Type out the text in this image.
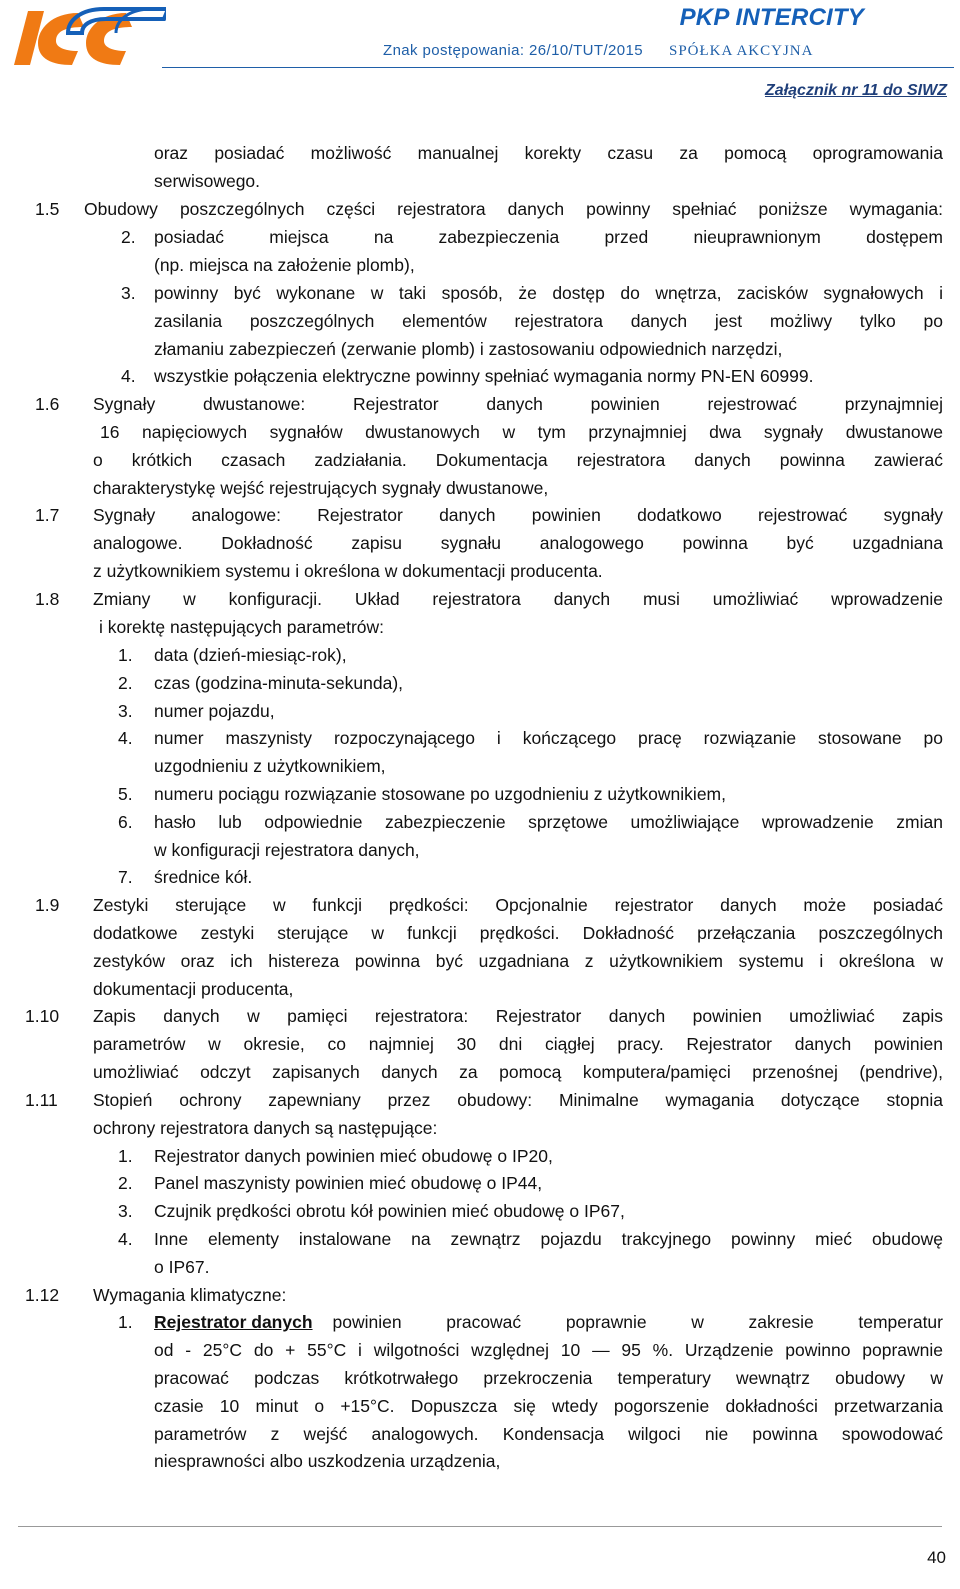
Znak postępowania: 26/10/TUT/2015
PKP INTERCITY
SPÓŁKA AKCYJNA
Załącznik nr 11 do SIWZ
oraz posiadać możliwość manualnej korekty czasu za pomocą oprogramowania
serwisowego.
1.5 Obudowy poszczególnych części rejestratora danych powinny spełniać poniższe wymagania:
2. posiadać miejsca na zabezpieczenia przed nieuprawnionym dostępem
(np. miejsca na założenie plomb),
3. powinny być wykonane w taki sposób, że dostęp do wnętrza, zacisków sygnałowych i
zasilania poszczególnych elementów rejestratora danych jest możliwy tylko po
złamaniu zabezpieczeń (zerwanie plomb) i zastosowaniu odpowiednich narzędzi,
4. wszystkie połączenia elektryczne powinny spełniać wymagania normy PN-EN 60999.
1.6 Sygnały dwustanowe: Rejestrator danych powinien rejestrować przynajmniej
16 napięciowych sygnałów dwustanowych w tym przynajmniej dwa sygnały dwustanowe
o krótkich czasach zadziałania. Dokumentacja rejestratora danych powinna zawierać
charakterystykę wejść rejestrujących sygnały dwustanowe,
1.7 Sygnały analogowe: Rejestrator danych powinien dodatkowo rejestrować sygnały
analogowe. Dokładność zapisu sygnału analogowego powinna być uzgadniana
z użytkownikiem systemu i określona w dokumentacji producenta.
1.8 Zmiany w konfiguracji. Układ rejestratora danych musi umożliwiać wprowadzenie
i korektę następujących parametrów:
1. data (dzień-miesiąc-rok),
2. czas (godzina-minuta-sekunda),
3. numer pojazdu,
4. numer maszynisty rozpoczynającego i kończącego pracę rozwiązanie stosowane po
uzgodnieniu z użytkownikiem,
5. numeru pociągu rozwiązanie stosowane po uzgodnieniu z użytkownikiem,
6. hasło lub odpowiednie zabezpieczenie sprzętowe umożliwiające wprowadzenie zmian
w konfiguracji rejestratora danych,
7. średnice kół.
1.9 Zestyki sterujące w funkcji prędkości: Opcjonalnie rejestrator danych może posiadać
dodatkowe zestyki sterujące w funkcji prędkości. Dokładność przełączania poszczególnych
zestyków oraz ich histereza powinna być uzgadniana z użytkownikiem systemu i określona w
dokumentacji producenta,
1.10 Zapis danych w pamięci rejestratora: Rejestrator danych powinien umożliwiać zapis
parametrów w okresie, co najmniej 30 dni ciągłej pracy. Rejestrator danych powinien
umożliwiać odczyt zapisanych danych za pomocą komputera/pamięci przenośnej (pendrive),
1.11 Stopień ochrony zapewniany przez obudowy: Minimalne wymagania dotyczące stopnia
ochrony rejestratora danych są następujące:
1. Rejestrator danych powinien mieć obudowę o IP20,
2. Panel maszynisty powinien mieć obudowę o IP44,
3. Czujnik prędkości obrotu kół powinien mieć obudowę o IP67,
4. Inne elementy instalowane na zewnątrz pojazdu trakcyjnego powinny mieć obudowę
o IP67.
1.12 Wymagania klimatyczne:
1. Rejestrator danych powinien pracować poprawnie w zakresie temperatur
od - 25°C do + 55°C i wilgotności względnej 10 — 95 %. Urządzenie powinno poprawnie
pracować podczas krótkotrwałego przekroczenia temperatury wewnątrz obudowy w
czasie 10 minut o +15°C. Dopuszcza się wtedy pogorszenie dokładności przetwarzania
parametrów z wejść analogowych. Kondensacja wilgoci nie powinna spowodować
niesprawności albo uszkodzenia urządzenia,
40
